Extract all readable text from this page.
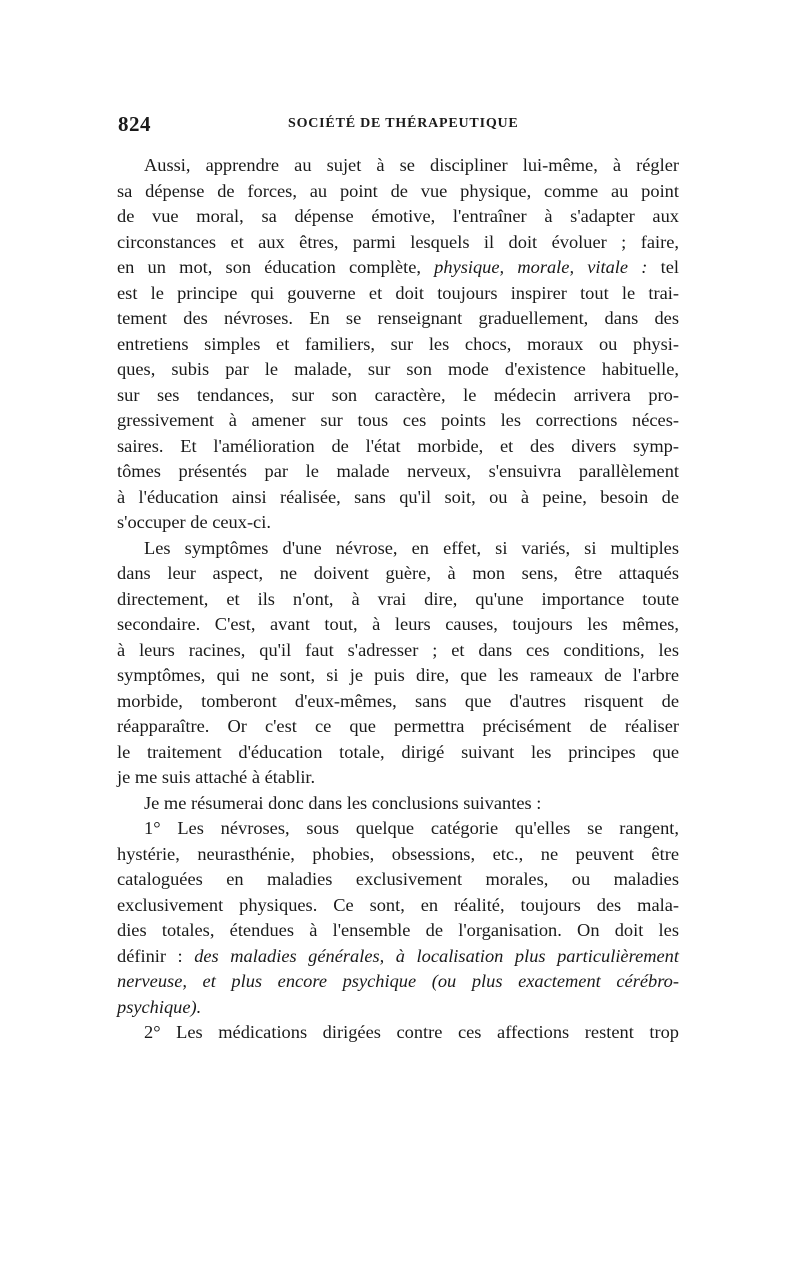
824	SOCIÉTÉ DE THÉRAPEUTIQUE
Aussi, apprendre au sujet à se discipliner lui-même, à régler
sa dépense de forces, au point de vue physique, comme au point
de vue moral, sa dépense émotive, l'entraîner à s'adapter aux
circonstances et aux êtres, parmi lesquels il doit évoluer ; faire,
en un mot, son éducation complète, physique, morale, vitale : tel
est le principe qui gouverne et doit toujours inspirer tout le trai-
tement des névroses. En se renseignant graduellement, dans des
entretiens simples et familiers, sur les chocs, moraux ou physi-
ques, subis par le malade, sur son mode d'existence habituelle,
sur ses tendances, sur son caractère, le médecin arrivera pro-
gressivement à amener sur tous ces points les corrections néces-
saires. Et l'amélioration de l'état morbide, et des divers symp-
tômes présentés par le malade nerveux, s'ensuivra parallèlement
à l'éducation ainsi réalisée, sans qu'il soit, ou à peine, besoin de
s'occuper de ceux-ci.
Les symptômes d'une névrose, en effet, si variés, si multiples
dans leur aspect, ne doivent guère, à mon sens, être attaqués
directement, et ils n'ont, à vrai dire, qu'une importance toute
secondaire. C'est, avant tout, à leurs causes, toujours les mêmes,
à leurs racines, qu'il faut s'adresser ; et dans ces conditions, les
symptômes, qui ne sont, si je puis dire, que les rameaux de l'arbre
morbide, tomberont d'eux-mêmes, sans que d'autres risquent de
réapparaître. Or c'est ce que permettra précisément de réaliser
le traitement d'éducation totale, dirigé suivant les principes que
je me suis attaché à établir.
Je me résumerai donc dans les conclusions suivantes :
1° Les névroses, sous quelque catégorie qu'elles se rangent,
hystérie, neurasthénie, phobies, obsessions, etc., ne peuvent être
cataloguées en maladies exclusivement morales, ou maladies
exclusivement physiques. Ce sont, en réalité, toujours des mala-
dies totales, étendues à l'ensemble de l'organisation. On doit les
définir : des maladies générales, à localisation plus particulièrement
nerveuse, et plus encore psychique (ou plus exactement cérébro-
psychique).
2° Les médications dirigées contre ces affections restent trop
